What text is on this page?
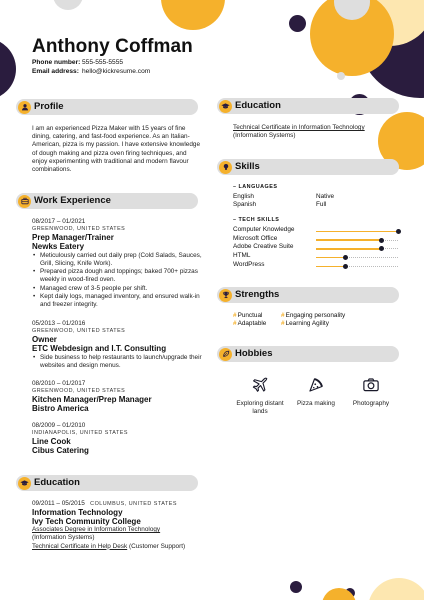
Anthony Coffman
Phone number: 555-555-5555
Email address: hello@kickresume.com
Profile
I am an experienced Pizza Maker with 15 years of fine dining, catering, and fast-food experience. As an Italian-American, pizza is my passion. I have extensive knowledge of dough making and pizza oven firing techniques, and enjoy experimenting with traditional and modern flavour combinations.
Work Experience
08/2017 – 01/2021
GREENWOOD, UNITED STATES
Prep Manager/Trainer
Newks Eatery
• Meticulously carried out daily prep (Cold Salads, Sauces, Grill, Slicing, Knife Work).
• Prepared pizza dough and toppings; baked 700+ pizzas weekly in wood-fired oven.
• Managed crew of 3-5 people per shift.
• Kept daily logs, managed inventory, and ensured walk-in and freezer integrity.
05/2013 – 01/2016
GREENWOOD, UNITED STATES
Owner
ETC Webdesign and I.T. Consulting
• Side business to help restaurants to launch/upgrade their websites and design menus.
08/2010 – 01/2017
GREENWOOD, UNITED STATES
Kitchen Manager/Prep Manager
Bistro America
08/2009 – 01/2010
INDIANAPOLIS, UNITED STATES
Line Cook
Cibus Catering
Education
09/2011 – 05/2015 COLUMBUS, UNITED STATES
Information Technology
Ivy Tech Community College
Associates Degree in Information Technology
(Information Systems)
Technical Certificate in Help Desk (Customer Support)
Education
Technical Certificate in Information Technology
(Information Systems)
Skills
– LANGUAGES
English	Native
Spanish	Full
– TECH SKILLS
Computer Knowledge
Microsoft Office
Adobe Creative Suite
HTML
WordPress
Strengths
#Punctual	#Engaging personality
#Adaptable #Learning Agility
Hobbies
Exploring distant lands
Pizza making	Photography
